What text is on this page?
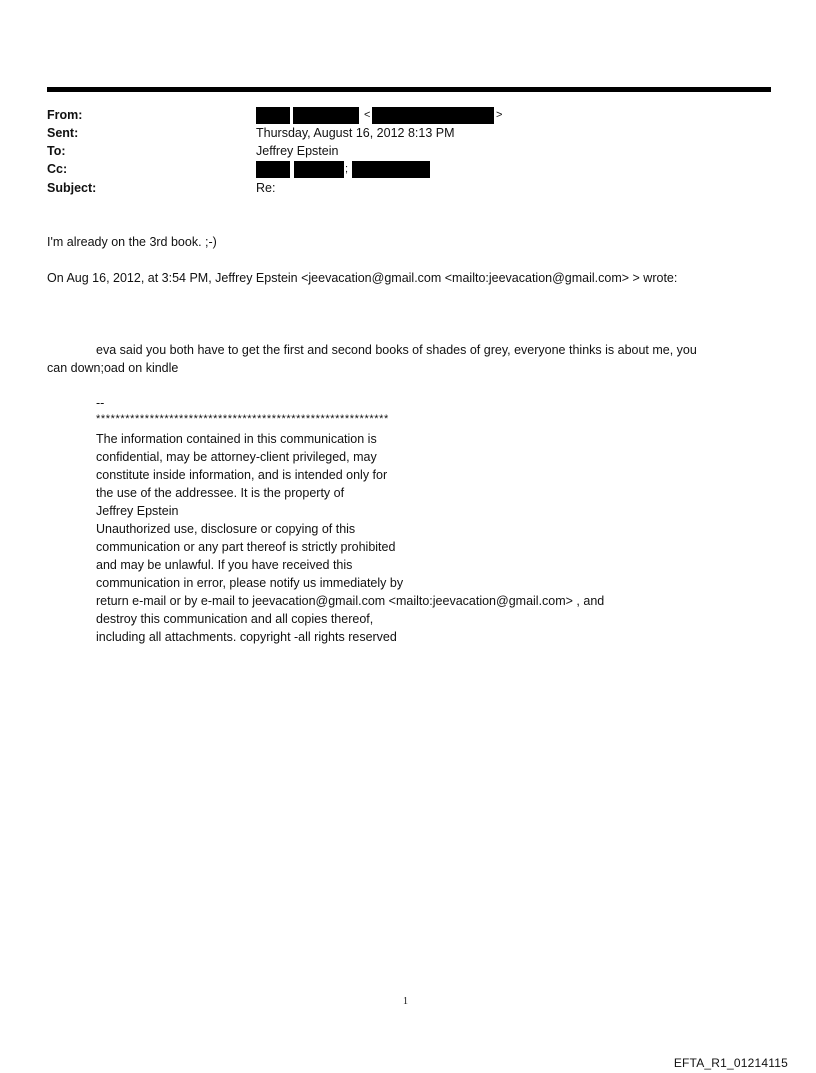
From:
Sent:
To:
Cc:
Subject:
<	>
Thursday, August 16, 2012 8:13 PM
Jeffrey Epstein
;
Re:
I'm already on the 3rd book. ;-)
On Aug 16, 2012, at 3:54 PM, Jeffrey Epstein <jeevacation@gmail.com <mailto:jeevacation@gmail.com> > wrote:
eva said you both have to get the first and second books of shades of grey, everyone thinks is about me, you
can down;oad on kindle
--
************************************************************
The information contained in this communication is
confidential, may be attorney-client privileged, may
constitute inside information, and is intended only for
the use of the addressee. It is the property of
Jeffrey Epstein
Unauthorized use, disclosure or copying of this
communication or any part thereof is strictly prohibited
and may be unlawful. If you have received this
communication in error, please notify us immediately by
return e-mail or by e-mail to jeevacation@gmail.com <mailto:jeevacation@gmail.com> , and
destroy this communication and all copies thereof,
including all attachments. copyright -all rights reserved
1
EFTA_R1_01214115
